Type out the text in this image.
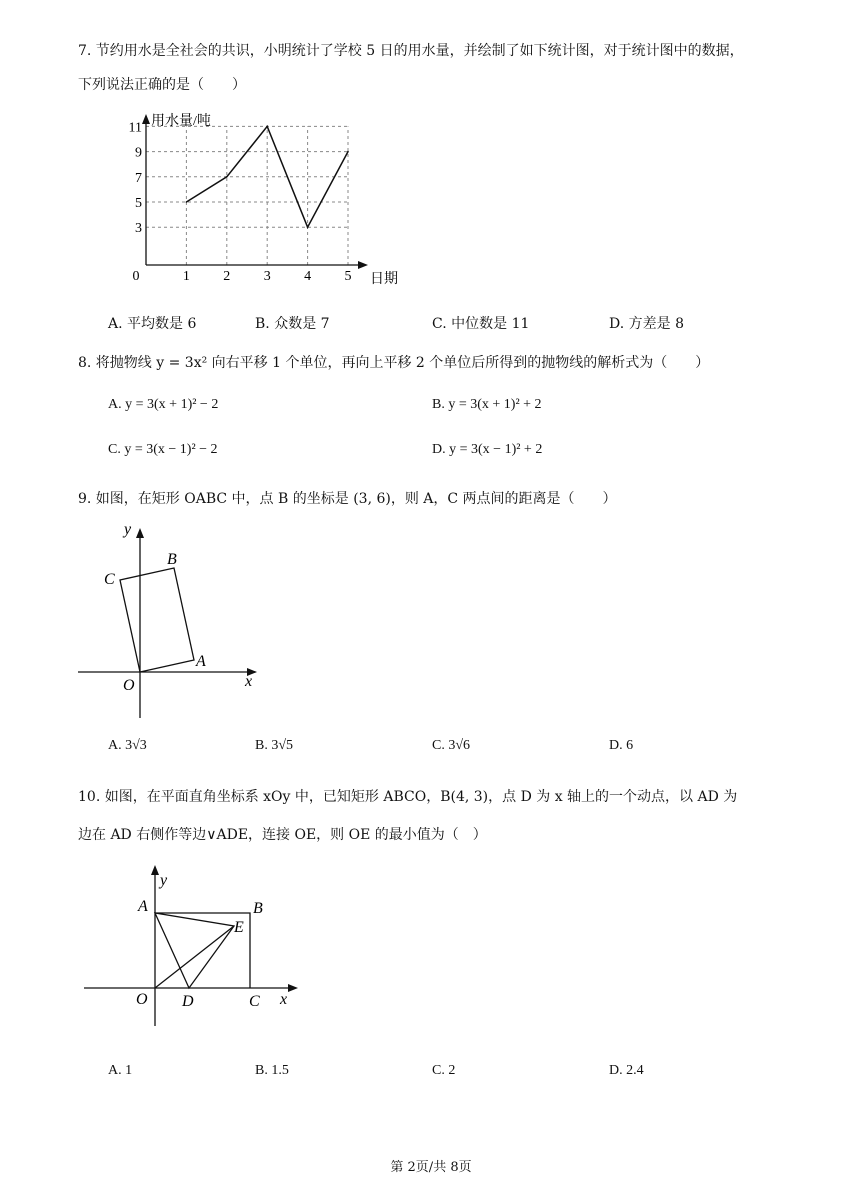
7. 节约用水是全社会的共识，小明统计了学校 5 日的用水量，并绘制了如下统计图，对于统计图中的数据，
下列说法正确的是（　　）
1 2 3 4 5
3
5
7
9
11
0
用水量/吨
日期
A. 平均数是 6	B. 众数是 7	C. 中位数是 11	D. 方差是 8
8. 将抛物线 y = 3x² 向右平移 1 个单位，再向上平移 2 个单位后所得到的抛物线的解析式为（　　）
A. y = 3(x + 1)² − 2	B. y = 3(x + 1)² + 2
C. y = 3(x − 1)² − 2	D. y = 3(x − 1)² + 2
9. 如图，在矩形 OABC 中，点 B 的坐标是 (3, 6)，则 A，C 两点间的距离是（　　）
y
x
O
A
B
C
A. 3√3	B. 3√5	C. 3√6	D. 6
10. 如图，在平面直角坐标系 xOy 中，已知矩形 ABCO，B(4, 3)，点 D 为 x 轴上的一个动点，以 AD 为
边在 AD 右侧作等边∨ADE，连接 OE，则 OE 的最小值为（　）
y
x
O
A	B
C
D
E
A. 1	B. 1.5	C. 2	D. 2.4
第 2页/共 8页
